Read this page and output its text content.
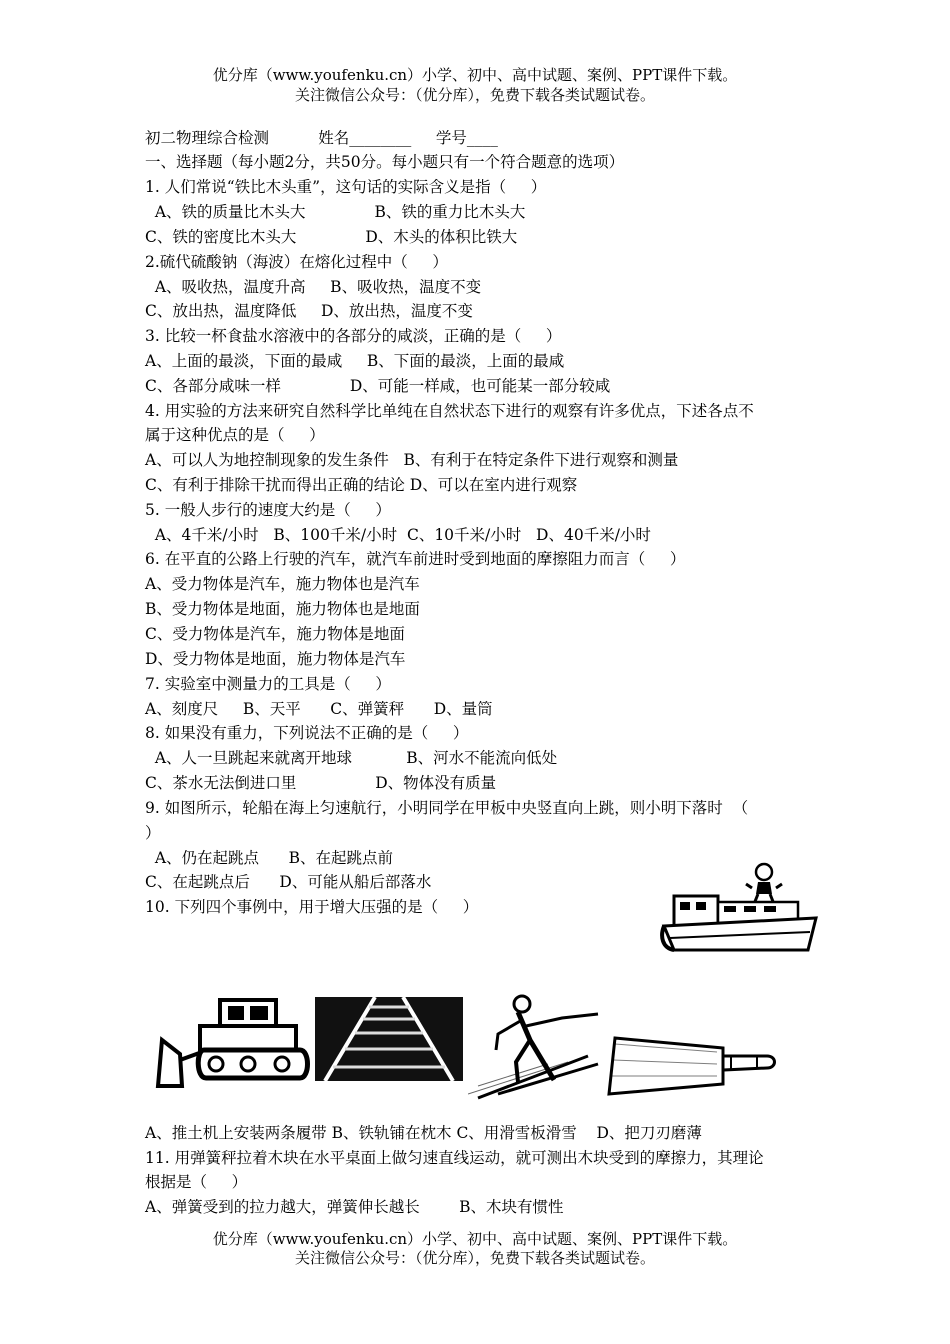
优分库（www.youfenku.cn）小学、初中、高中试题、案例、PPT课件下载。
关注微信公众号：（优分库），免费下载各类试题试卷。
初二物理综合检测          姓名________     学号____
一、选择题（每小题2分，共50分。每小题只有一个符合题意的选项）
1. 人们常说“铁比木头重”，这句话的实际含义是指（     ）
A、铁的质量比木头大              B、铁的重力比木头大
C、铁的密度比木头大              D、木头的体积比铁大
2.硫代硫酸钠（海波）在熔化过程中（     ）
A、吸收热，温度升高     B、吸收热，温度不变
C、放出热，温度降低     D、放出热，温度不变
3. 比较一杯食盐水溶液中的各部分的咸淡，正确的是（     ）
A、上面的最淡，下面的最咸     B、下面的最淡，上面的最咸
C、各部分咸味一样              D、可能一样咸，也可能某一部分较咸
4. 用实验的方法来研究自然科学比单纯在自然状态下进行的观察有许多优点，下述各点不
属于这种优点的是（     ）
A、可以人为地控制现象的发生条件   B、有利于在特定条件下进行观察和测量
C、有利于排除干扰而得出正确的结论 D、可以在室内进行观察
5. 一般人步行的速度大约是（     ）
A、4千米/小时   B、100千米/小时  C、10千米/小时   D、40千米/小时
6. 在平直的公路上行驶的汽车，就汽车前进时受到地面的摩擦阻力而言（     ）
A、受力物体是汽车，施力物体也是汽车
B、受力物体是地面，施力物体也是地面
C、受力物体是汽车，施力物体是地面
D、受力物体是地面，施力物体是汽车
7. 实验室中测量力的工具是（     ）
A、刻度尺     B、天平      C、弹簧秤      D、量筒
8. 如果没有重力，下列说法不正确的是（     ）
A、人一旦跳起来就离开地球           B、河水不能流向低处
C、茶水无法倒进口里                D、物体没有质量
9. 如图所示，轮船在海上匀速航行，小明同学在甲板中央竖直向上跳，则小明下落时  （
）
A、仍在起跳点      B、在起跳点前
C、在起跳点后      D、可能从船后部落水
10. 下列四个事例中，用于增大压强的是（     ）
A、推土机上安装两条履带 B、铁轨铺在枕木 C、用滑雪板滑雪    D、把刀刃磨薄
11. 用弹簧秤拉着木块在水平桌面上做匀速直线运动，就可测出木块受到的摩擦力，其理论
根据是（     ）
A、弹簧受到的拉力越大，弹簧伸长越长        B、木块有惯性
优分库（www.youfenku.cn）小学、初中、高中试题、案例、PPT课件下载。
关注微信公众号：（优分库），免费下载各类试题试卷。
